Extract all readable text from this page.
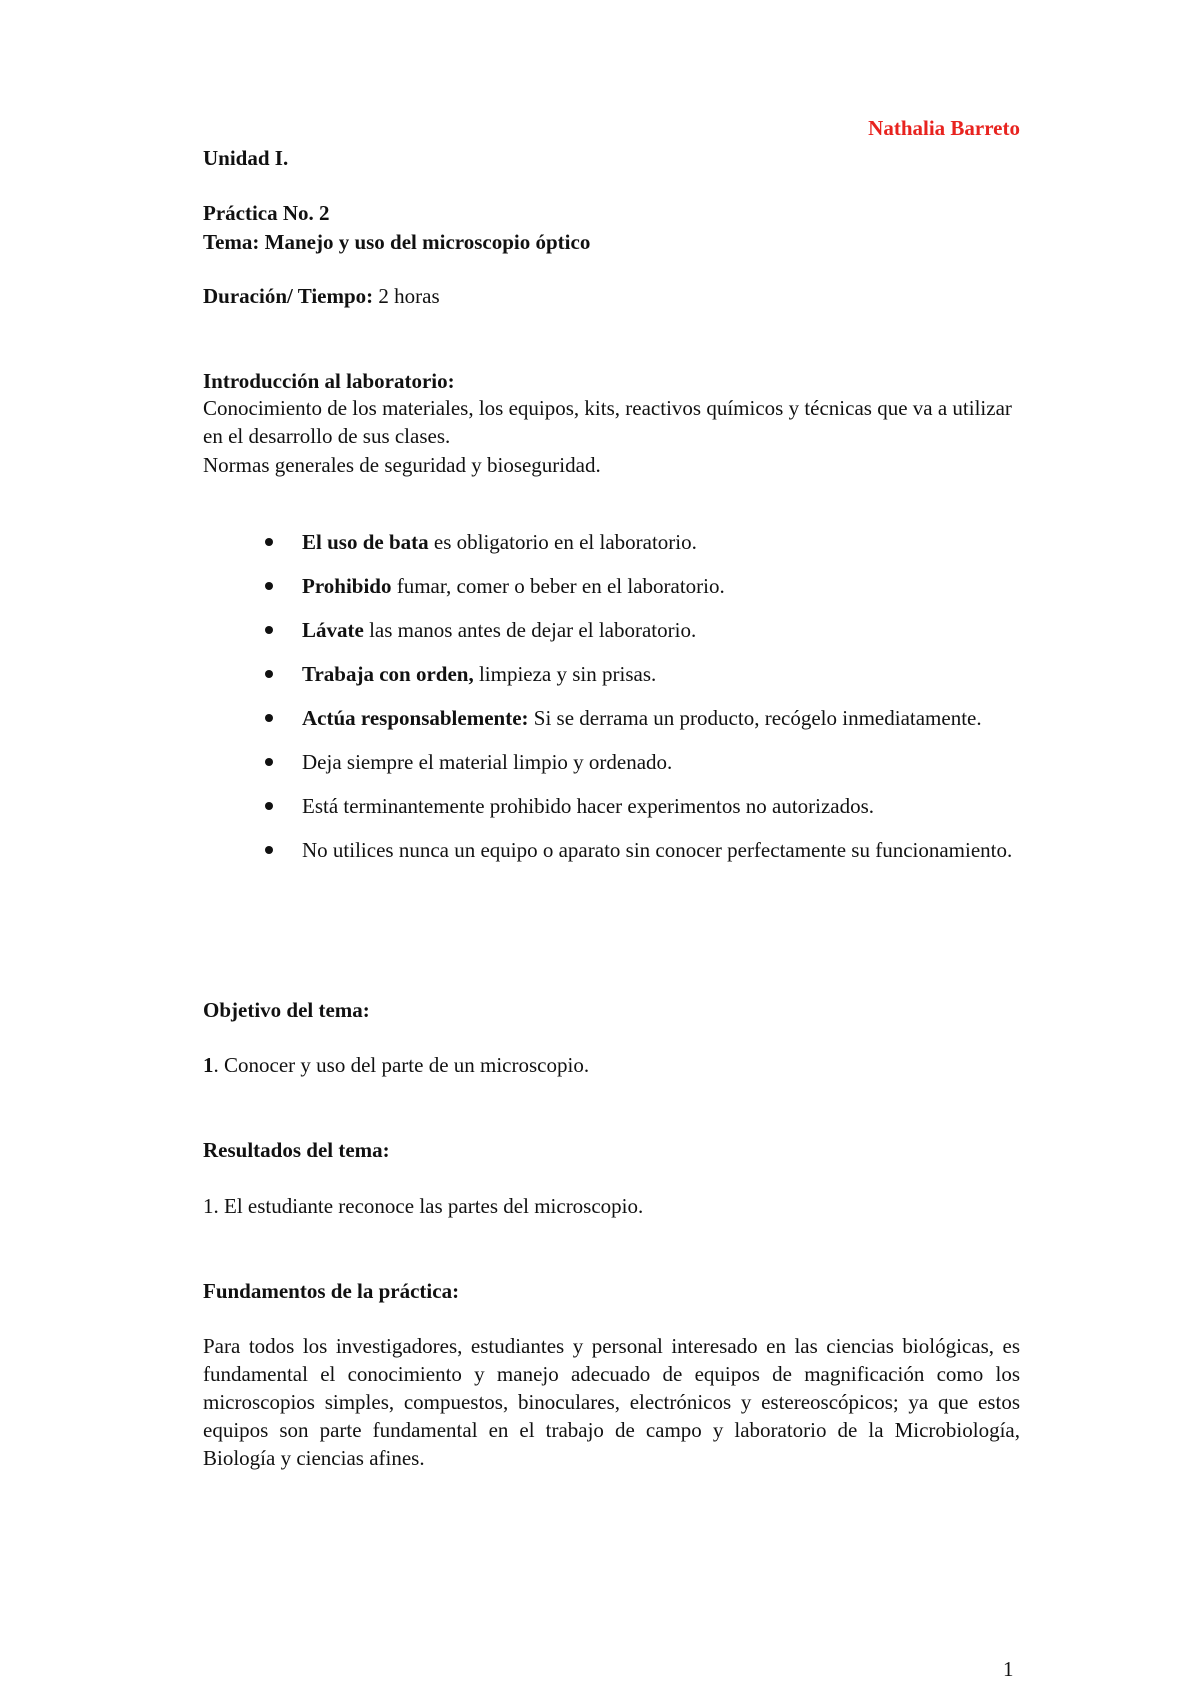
Nathalia Barreto
Unidad I.
Práctica No. 2
Tema: Manejo y uso del microscopio óptico
Duración/ Tiempo: 2 horas
Introducción al laboratorio:
Conocimiento de los materiales, los equipos, kits, reactivos químicos y técnicas que va a utilizar en el desarrollo de sus clases.
Normas generales de seguridad y bioseguridad.
El uso de bata es obligatorio en el laboratorio.
Prohibido fumar, comer o beber en el laboratorio.
Lávate las manos antes de dejar el laboratorio.
Trabaja con orden, limpieza y sin prisas.
Actúa responsablemente: Si se derrama un producto, recógelo inmediatamente.
Deja siempre el material limpio y ordenado.
Está terminantemente prohibido hacer experimentos no autorizados.
No utilices nunca un equipo o aparato sin conocer perfectamente su funcionamiento.
Objetivo del tema:
1. Conocer y uso del parte de un microscopio.
Resultados del tema:
1. El estudiante reconoce las partes del microscopio.
Fundamentos de la práctica:
Para todos los investigadores, estudiantes y personal interesado en las ciencias biológicas, es fundamental el conocimiento y manejo adecuado de equipos de magnificación como los microscopios simples, compuestos, binoculares, electrónicos y estereoscópicos; ya que estos equipos son parte fundamental en el trabajo de campo y laboratorio de la Microbiología, Biología y ciencias afines.
1
